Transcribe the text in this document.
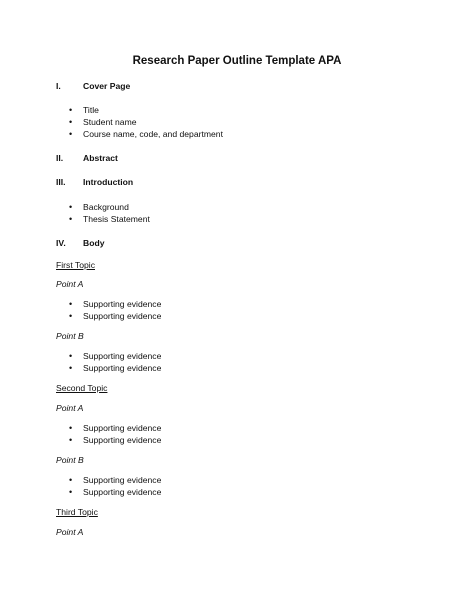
Research Paper Outline Template APA
I.	Cover Page
• Title
• Student name
• Course name, code, and department
II. Abstract
III. Introduction
• Background
• Thesis Statement
IV. Body
First Topic
Point A
• Supporting evidence
• Supporting evidence
Point B
• Supporting evidence
• Supporting evidence
Second Topic
Point A
• Supporting evidence
• Supporting evidence
Point B
• Supporting evidence
• Supporting evidence
Third Topic
Point A
